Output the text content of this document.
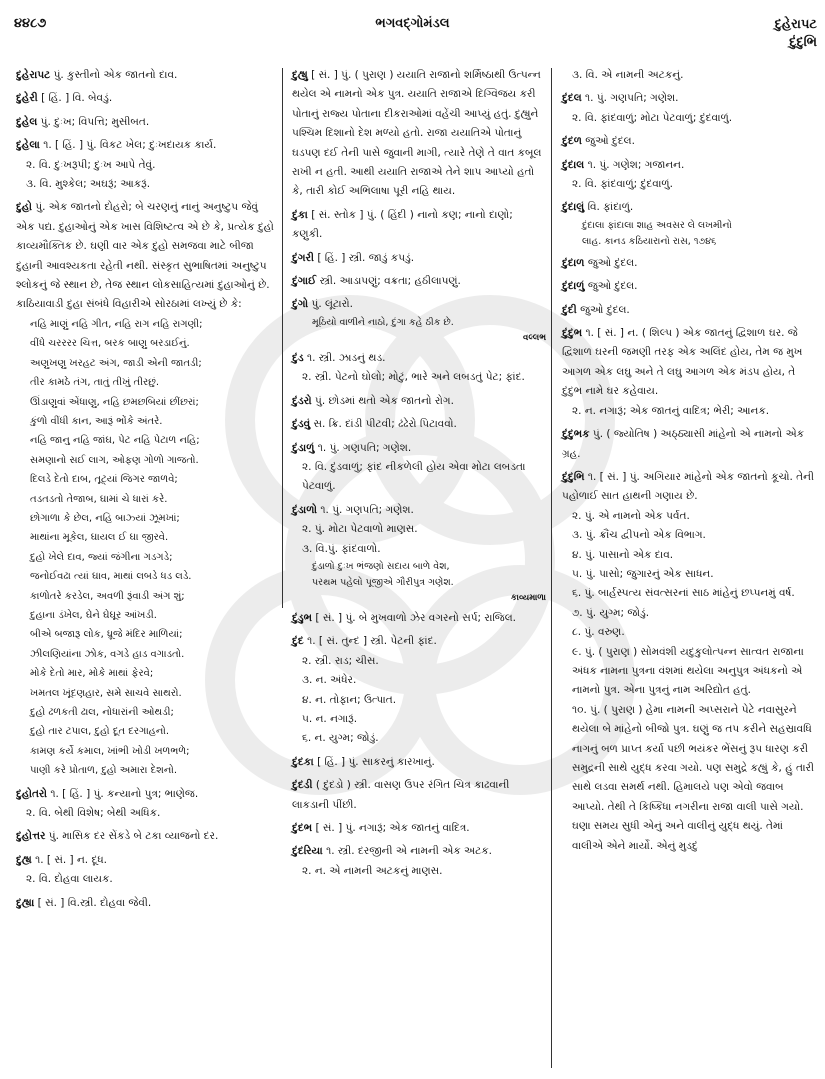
૪૪૮૭	ભગવદ્ગોમંડલ	દુહેરાપટ
દુંદુભિ
દુહેરાપટ પું. કુસ્તીનો એક જાતનો દાવ.
દુહેરી [ હિં. ] વિ. બેવડું.
દુહેલ પું. દુઃખ; વિપત્તિ; મુસીબત.
દુહેલા ૧. [ હિં. ] પું. વિકટ ખેલ; દુઃખદાયક કાર્ય.
૨. વિ. દુઃખરૂપી; દુઃખ આપે તેવું.
૩. વિ. મુશ્કેલ; અઘરૂં; આકરૂં.
દુહો પું. એક જાતનો દોહરો; બે ચરણનું નાનું અનુષ્ટુપ જેવું એક પદ્ય. દુહાઓનું એક ખાસ વિશિષ્ટત્વ એ છે કે, પ્રત્યેક દુહો કાવ્યમૌક્તિક છે. ઘણી વાર એક દુહો સમજવા માટે બીજા દુહાની આવશ્યકતા રહેતી નથી. સંસ્કૃત સુભાષિતમાં અનુષ્ટુપ શ્લોકનું જે સ્થાન છે, તેજ સ્થાન લોકસાહિત્યમાં દુહાઓનું છે. કાઠિયાવાડી દુહા સંબંધે વિહારીએ સોરઠામાં લખ્યું છે કે:
નહિ માણું નહિ ગીત, નહિ રાગ નહિ રાગણી;
વીંધે ચરરરર ચિત્ત, બરક બાણુ બરડાઈનું.
અણુખણુ ખરહટ અંગ, જાડી એની જાતડી;
તીર કામઠે તંગ, તાતું તીખું તીરછું.
ઊંડાણુવાં એંધાણુ, નહિ છમછબિયાં છીંછરાં;
કુંળો વીંધી કાન, આરૂં ભોંકે અંતરે.
નહિ જાનુ નહિ જાંઘ, પેટ નહિ પેટાળ નહિ;
સમણાનો સઈ લાગ, ઓફણ ગોળો ગાજતો.
દિલડે દેતો દાબ, તૂટ્યાં જિગર જાળવે;
તડતડતો તેજાબ, ઘામાં ચે ધારાં કરે.
છોગાળા કે છેલ, નહિ બાઝ્યાં ઝૂમખાં;
માથાંના મૂકેલ, ઘાયલ ઈ ઘા જીરવે.
દુહો ખેલે દાવ, જ્યાં જંગીના ગડગડે;
જનોઈવઢા ત્યાં ઘાવ, માથાં લબડે ધડ લડે.
કાળોતરે કરડેલ, અવળી રૂંવાડી અંગ શું;
દુહાના ડંખેલ, ઘેને ઘેઘૂર આંખડી.
બીએ બજારૂ લોક, ધ્રૂજે મંદિર માળિયાં;
ઝીલણિયાંના ઝોક, વગડે હાડ વગાડતો.
મોકે દેતો માર, મોકે માથાં ફેરવે;
ખમતલ ખૂંદણહાર, સમે સાચવે સાથરો.
દુહો ઢળકતી ઢાલ, નોધારાંની ઓથડી;
દુહો તાર ટપાલ, દુહો દૂત દરગાહનો.
કામણ કર્યે કમાલ, ખાંભી ખોડી ખળભળે;
પાણી કરે પ્રોતાળ, દુહો અમારા દેશનો.
દુહોતરો ૧. [ હિં. ] પું. કન્યાનો પુત્ર; ભાણેજ.
૨. વિ. બેથી વિશેષ; બેથી અધિક.
દુહોત્તર પું. માસિક દર સેંકડે બે ટકા વ્યાજનો દર.
દુહ્ય ૧. [ સં. ] ન. દૂધ.
૨. વિ. દોહવા લાયક.
દુહ્યા [ સં. ] વિ.સ્ત્રી. દોહવા જેવી.
દુહ્યુ [ સં. ] પું. ( પુરાણ ) યયાતિ રાજાનો શર્મિષ્ઠાથી ઉત્પન્ન થયેલ એ નામનો એક પુત્ર. યયાતિ રાજાએ દિગ્વિજય કરી પોતાનું રાજ્ય પોતાના દીકરાઓમાં વહેંચી આપ્યું હતું. દુહ્યુને પશ્ચિમ દિશાનો દેશ મળ્યો હતો. રાજા યયાતિએ પોતાનું ઘડપણ દઈ તેની પાસે જુવાની માગી, ત્યારે તેણે તે વાત કબૂલ રાખી ન હતી. આથી યયાતિ રાજાએ તેને શાપ આપ્યો હતો કે, તારી કોઈ અભિલાષા પૂરી નહિ થાય.
દુંકા [ સં. સ્તોક ] પું. ( હિંદી ) નાનો કણ; નાનો દાણો; કણુકી.
દુંગરી [ હિં. ] સ્ત્રી. જાડું કપડું.
દુંગાઈ સ્ત્રી. આડાપણું; વક્રતા; હઠીલાપણું.
દુંગો પું. લૂંટારો.
મૂઠિયો વાળીને નાઠો, દુંગા કહે ઠીક છે.
વલ્લભ
દુંડ ૧. સ્ત્રી. ઝાડનું થડ.
૨. સ્ત્રી. પેટનો ઘોલો; મોટું, ભારે અને લબડતું પેટ; ફાંદ.
દુંડરો પું. છોડમાં થતો એક જાતનો રોગ.
દુંડવું સ. ક્રિ. દાંડી પીટવી; ઢંઢેરો પિટાવવો.
દુંડાળું ૧. પું. ગણપતિ; ગણેશ.
૨. વિ. દુંડવાળું; ફાંદ નીકળેલી હોય એવા મોટા લબડતા પેટવાળું.
દુંડાળો ૧. પું. ગણપતિ; ગણેશ.
૨. પું. મોટા પેટવાળો માણસ.
૩. વિ.પું. ફાંદવાળો.
દુંડાળો દુઃખ ભંજણો સદાય બાળે વેશ,
પરથમ પહેલો પૂજીએ ગૌરીપુત્ર ગણેશ.
કાવ્યમાળા
દુંડુભ [ સં. ] પું. બે મુખવાળો ઝેર વગરનો સર્પ; રાજિલ.
દુંદ ૧. [ સં. તુન્દ ] સ્ત્રી. પેટની ફાંદ.
૨. સ્ત્રી. રાડ; ચીસ.
૩. ન. અંધેર.
૪. ન. તોફાન; ઉત્પાત.
૫. ન. નગારૂં.
૬. ન. યુગ્મ; જોડું.
દુંદકા [ હિં. ] પું. સાકરનું કારખાનું.
દુંદડી ( દુંદડો ) સ્ત્રી. વાસણ ઉપર રંગિત ચિત્ર કાઢવાની લાકડાની પીંછી.
દુંદભ [ સં. ] પું. નગારૂં; એક જાતનું વાદિત્ર.
દુંદરિયા ૧. સ્ત્રી. દરજીની એ નામની એક અટક.
૨. ન. એ નામની અટકનું માણસ.
૩. વિ. એ નામની અટકનું.
દુંદલ ૧. પું. ગણપતિ; ગણેશ.
૨. વિ. ફાંદવાળું; મોટા પેટવાળું; દુંદવાળું.
દુંદળ જુઓ દુંદલ.
દુંદાલ ૧. પું. ગણેશ; ગજાનન.
૨. વિ. ફાંદવાળું; દુંદવાળું.
દુંદાલું વિ. ફાંદાળું.
દુંદાલા ફાંદાલા શાહ અવસર લે લખમીનો
લાહ. કાનડ કઠિયારાનો રાસ, ૧૭૪૬
દુંદાળ જુઓ દુંદલ.
દુંદાળું જુઓ દુંદલ.
દુંદી જુઓ દુંદલ.
દુંદુભ ૧. [ સં. ] ન. ( શિલ્પ ) એક જાતનું દ્વિશાળ ઘર. જે દ્વિશાળ ઘરની જમણી તરફ એક અલિંદ હોય, તેમ જ મુખ આગળ એક લઘુ અને તે લઘુ આગળ એક મંડપ હોય, તે દુંદુભ નામે ઘર કહેવાય.
૨. ન. નગારૂં; એક જાતનું વાદિત્ર; ભેરી; આનક.
દુંદુભક પું. ( જ્યોતિષ ) અઠ્ઠ્યાસી માંહેનો એ નામનો એક ગ્રહ.
દુંદુભિ ૧. [ સં. ] પું. અગિયાર માંહેનો એક જાતનો કૂચો. તેની પહોળાઈ સાત હાથની ગણાય છે.
૨. પું. એ નામનો એક પર્વત.
૩. પું. ક્રૌંચ દ્વીપનો એક વિભાગ.
૪. પું. પાસાનો એક દાવ.
૫. પું. પાસો; જુગારનું એક સાધન.
૬. પું. બાર્હસ્પત્ય સંવત્સરનાં સાઠ માંહેનું છપ્પનમું વર્ષ.
૭. પું. યુગ્મ; જોડું.
૮. પું. વરુણ.
૯. પું. ( પુરાણ ) સોમવંશી યદુકુલોત્પન્ન સાત્વત રાજાના અંધક નામના પુત્રના વંશમાં થયેલા અનુપુત્ર અંધકનો એ નામનો પુત્ર. એના પુત્રનું નામ અરિદ્યોત હતું.
૧૦. પું. ( પુરાણ ) હેમા નામની અપ્સરાને પેટે નવાસુરને થયેલા બે માંહેનો બીજો પુત્ર. ઘણું જ તપ કરીને સહસ્રાવધિ નાગનું બળ પ્રાપ્ત કર્યા પછી ભયંકર ભેંસનું રૂપ ધારણ કરી સમુદ્રની સાથે યુદ્ધ કરવા ગયો. પણ સમુદ્રે કહ્યું કે, હું તારી સાથે લડવા સમર્થ નથી. હિમાલયે પણ એવો જવાબ આપ્યો. તેથી તે કિષ્કિંધા નગરીના રાજા વાલી પાસે ગયો. ઘણા સમય સુધી એનું અને વાલીનું યુદ્ધ થયું. તેમાં વાલીએ એને માર્યો. એનું મુડદું
